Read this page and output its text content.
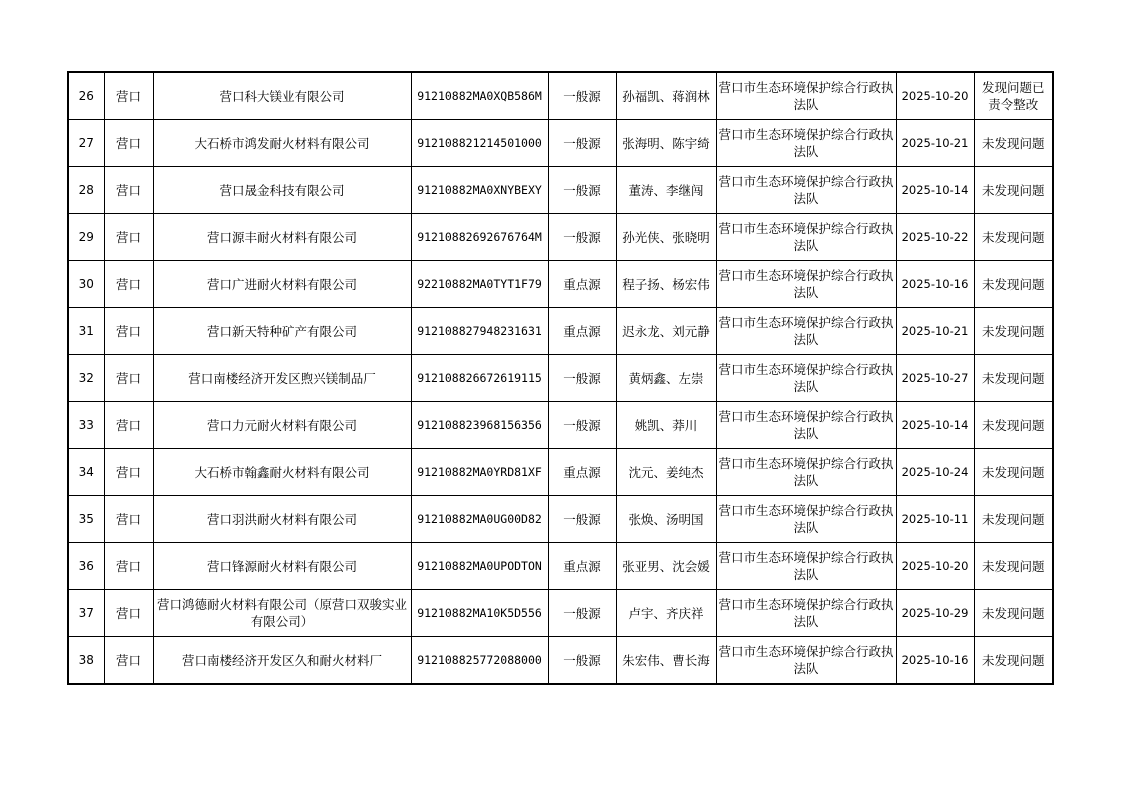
26	营口	营口科大镁业有限公司	91210882MA0XQB586M	一般源	孙福凯、蒋润林	营口市生态环境保护综合行政执法队	2025-10-20	发现问题已责令整改
27	营口	大石桥市鸿发耐火材料有限公司	912108821214501000	一般源	张海明、陈宇绮	营口市生态环境保护综合行政执法队	2025-10-21	未发现问题
28	营口	营口晟金科技有限公司	91210882MA0XNYBEXY	一般源	董涛、李继闯	营口市生态环境保护综合行政执法队	2025-10-14	未发现问题
29	营口	营口源丰耐火材料有限公司	91210882692676764M	一般源	孙光侠、张晓明	营口市生态环境保护综合行政执法队	2025-10-22	未发现问题
30	营口	营口广进耐火材料有限公司	92210882MA0TYT1F79	重点源	程子扬、杨宏伟	营口市生态环境保护综合行政执法队	2025-10-16	未发现问题
31	营口	营口新天特种矿产有限公司	912108827948231631	重点源	迟永龙、刘元静	营口市生态环境保护综合行政执法队	2025-10-21	未发现问题
32	营口	营口南楼经济开发区煦兴镁制品厂	912108826672619115	一般源	黄炳鑫、左崇	营口市生态环境保护综合行政执法队	2025-10-27	未发现问题
33	营口	营口力元耐火材料有限公司	912108823968156356	一般源	姚凯、莽川	营口市生态环境保护综合行政执法队	2025-10-14	未发现问题
34	营口	大石桥市翰鑫耐火材料有限公司	91210882MA0YRD81XF	重点源	沈元、姜纯杰	营口市生态环境保护综合行政执法队	2025-10-24	未发现问题
35	营口	营口羽洪耐火材料有限公司	91210882MA0UG00D82	一般源	张焕、汤明国	营口市生态环境保护综合行政执法队	2025-10-11	未发现问题
36	营口	营口锋源耐火材料有限公司	91210882MA0UPODTON	重点源	张亚男、沈会媛	营口市生态环境保护综合行政执法队	2025-10-20	未发现问题
37	营口	营口鸿德耐火材料有限公司（原营口双骏实业有限公司）	91210882MA10K5D556	一般源	卢宇、齐庆祥	营口市生态环境保护综合行政执法队	2025-10-29	未发现问题
38	营口	营口南楼经济开发区久和耐火材料厂	912108825772088000	一般源	朱宏伟、曹长海	营口市生态环境保护综合行政执法队	2025-10-16	未发现问题
